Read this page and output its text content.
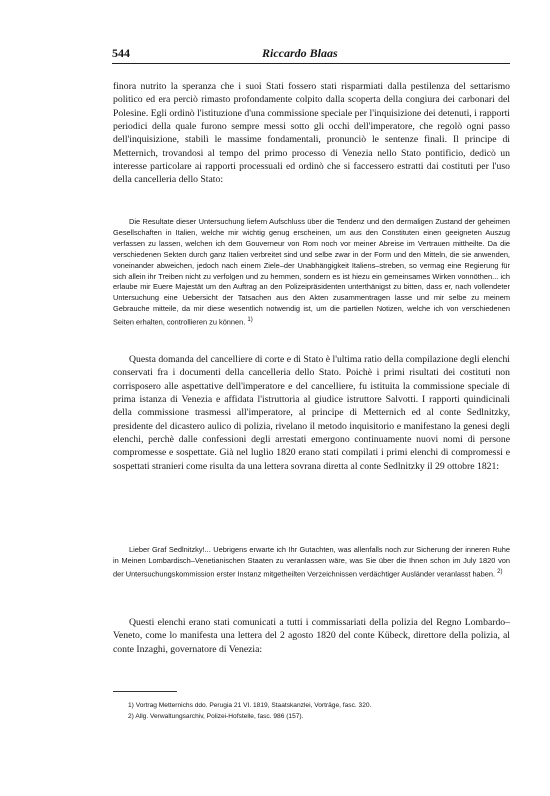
544	Riccardo Blaas

finora nutrito la speranza che i suoi Stati fossero stati risparmiati dalla pestilenza del settarismo politico ed era perciò rimasto profondamente colpito dalla scoperta della congiura dei carbonari del Polesine. Egli ordinò l'istituzione d'una commissione speciale per l'inquisizione dei detenuti, i rapporti periodici della quale furono sempre messi sotto gli occhi dell'imperatore, che regolò ogni passo dell'inquisizione, stabilì le massime fondamentali, pronunciò le sentenze finali. Il principe di Metternich, trovandosi al tempo del primo processo di Venezia nello Stato pontificio, dedicò un interesse particolare ai rapporti processuali ed ordinò che si faccessero estratti dai costituti per l'uso della cancelleria dello Stato:

Die Resultate dieser Untersuchung liefern Aufschluss über die Tendenz und den dermaligen Zustand der geheimen Gesellschaften in Italien, welche mir wichtig genug erscheinen, um aus den Constituten einen geeigneten Auszug verfassen zu lassen, welchen ich dem Gouverneur von Rom noch vor meiner Abreise im Vertrauen mittheilte. Da die verschiedenen Sekten durch ganz Italien verbreitet sind und selbe zwar in der Form und den Mitteln, die sie anwenden, voneinander abweichen, jedoch nach einem Ziele–der Unabhängigkeit Italiens–streben, so vermag eine Regierung für sich allein ihr Treiben nicht zu verfolgen und zu hemmen, sondern es ist hiezu ein gemeinsames Wirken vonnöthen... ich erlaube mir Euere Majestät um den Auftrag an den Polizeipräsidenten unterthänigst zu bitten, dass er, nach vollendeter Untersuchung eine Uebersicht der Tatsachen aus den Akten zusammentragen lasse und mir selbe zu meinem Gebrauche mitteile, da mir diese wesentlich notwendig ist, um die partiellen Notizen, welche ich von verschiedenen Seiten erhalten, controllieren zu können. $^{1)}$

Questa domanda del cancelliere di corte e di Stato è l'ultima ratio della compilazione degli elenchi conservati fra i documenti della cancelleria dello Stato. Poichè i primi risultati dei costituti non corrisposero alle aspettative dell'imperatore e del cancelliere, fu istituita la commissione speciale di prima istanza di Venezia e affidata l'istruttoria al giudice istruttore Salvotti. I rapporti quindicinali della commissione trasmessi all'imperatore, al principe di Metternich ed al conte Sedlnitzky, presidente del dicastero aulico di polizia, rivelano il metodo inquisitorio e manifestano la genesi degli elenchi, perchè dalle confessioni degli arrestati emergono continuamente nuovi nomi di persone compromesse e sospettate. Già nel luglio 1820 erano stati compilati i primi elenchi di compromessi e sospettati stranieri come risulta da una lettera sovrana diretta al conte Sedlnitzky il 29 ottobre 1821:

Lieber Graf Sedlnitzky!... Uebrigens erwarte ich Ihr Gutachten, was allenfalls noch zur Sicherung der inneren Ruhe in Meinen Lombardisch–Venetianischen Staaten zu veranlassen wäre, was Sie über die Ihnen schon im July 1820 von der Untersuchungskommission erster Instanz mitgetheilten Verzeichnissen verdächtiger Ausländer veranlasst haben. $^{2)}$

Questi elenchi erano stati comunicati a tutti i commissariati della polizia del Regno Lombardo–Veneto, come lo manifesta una lettera del 2 agosto 1820 del conte Kübeck, direttore della polizia, al conte Inzaghi, governatore di Venezia:

1) Vortrag Metternichs ddo. Perugia 21 VI. 1819, Staatskanzlei, Vorträge, fasc. 320.
2) Allg. Verwaltungsarchiv, Polizei-Hofstelle, fasc. 986 (157).
